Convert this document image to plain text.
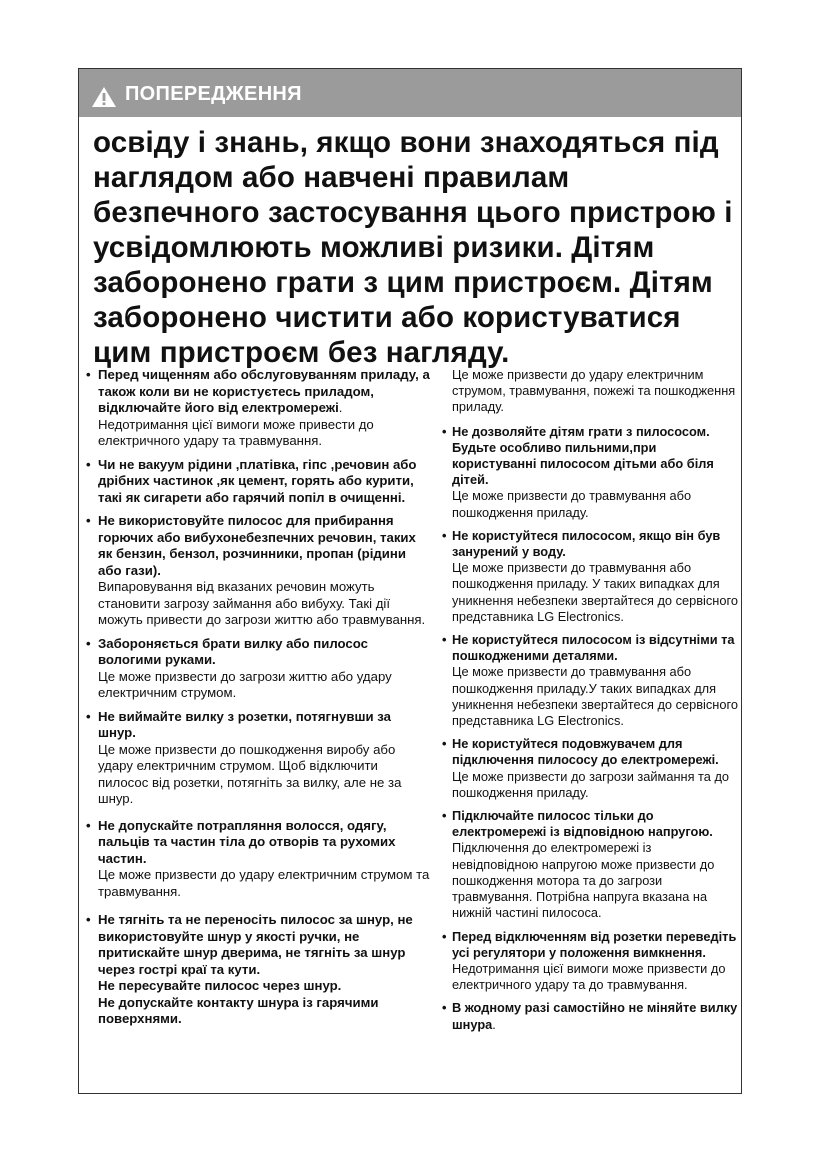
ПОПЕРЕДЖЕННЯ

освіду і знань, якщо вони знаходяться під наглядом або навчені правилам безпечного застосування цього пристрою і усвідомлюють можливі ризики. Дітям заборонено грати з цим пристроєм. Дітям заборонено чистити або користуватися цим пристроєм без нагляду.

• Перед чищенням або обслуговуванням приладу, а також коли ви не користуєтесь приладом, відключайте його від електромережі.
Недотримання цієї вимоги може привести до електричного удару та травмування.
• Чи не вакуум рідини ,платівка, гіпс ,речовин або дрібних частинок ,як цемент, горять або курити, такі як сигарети або гарячий попіл в очищенні.
• Не використовуйте пилосос для прибирання горючих або вибухонебезпечних речовин, таких як бензин, бензол, розчинники, пропан (рідини або гази).
Випаровування від вказаних речовин можуть становити загрозу займання або вибуху. Такі дії можуть привести до загрози життю або травмування.
• Забороняється брати вилку або пилосос вологими руками.
Це може призвести до загрози життю або удару електричним струмом.
• Не виймайте вилку з розетки, потягнувши за шнур.
Це може призвести до пошкодження виробу або удару електричним струмом. Щоб відключити пилосос від розетки, потягніть за вилку, але не за шнур.
• Не допускайте потрапляння волосся, одягу, пальців та частин тіла до отворів та рухомих частин.
Це може призвести до удару електричним струмом та травмування.
• Не тягніть та не переносіть пилосос за шнур, не використовуйте шнур у якості ручки, не притискайте шнур дверима, не тягніть за шнур через гострі краї та кути.
Не пересувайте пилосос через шнур.
Не допускайте контакту шнура із гарячими поверхнями.
Це може призвести до удару електричним струмом, травмування, пожежі та пошкодження приладу.
• Не дозволяйте дітям грати з пилососом. Будьте особливо пильними,при користуванні пилососом дітьми або біля дітей.
Це може призвести до травмування або пошкодження приладу.
• Не користуйтеся пилососом, якщо він був занурений у воду.
Це може призвести до травмування або пошкодження приладу. У таких випадках для уникнення небезпеки звертайтеся до сервісного представника LG Electronics.
• Не користуйтеся пилососом із відсутніми та пошкодженими деталями.
Це може призвести до травмування або пошкодження приладу.У таких випадках для уникнення небезпеки звертайтеся до сервісного представника LG Electronics.
• Не користуйтеся подовжувачем для підключення пилососу до електромережі.
Це може призвести до загрози займання та до пошкодження приладу.
• Підключайте пилосос тільки до електромережі із відповідною напругою.
Підключення до електромережі із невідповідною напругою може призвести до пошкодження мотора та до загрози травмування. Потрібна напруга вказана на нижній частині пилососа.
• Перед відключенням від розетки переведіть усі регулятори у положення вимкнення.
Недотримання цієї вимоги може призвести до електричного удару та до травмування.
• В жодному разі самостійно не міняйте вилку шнура.
